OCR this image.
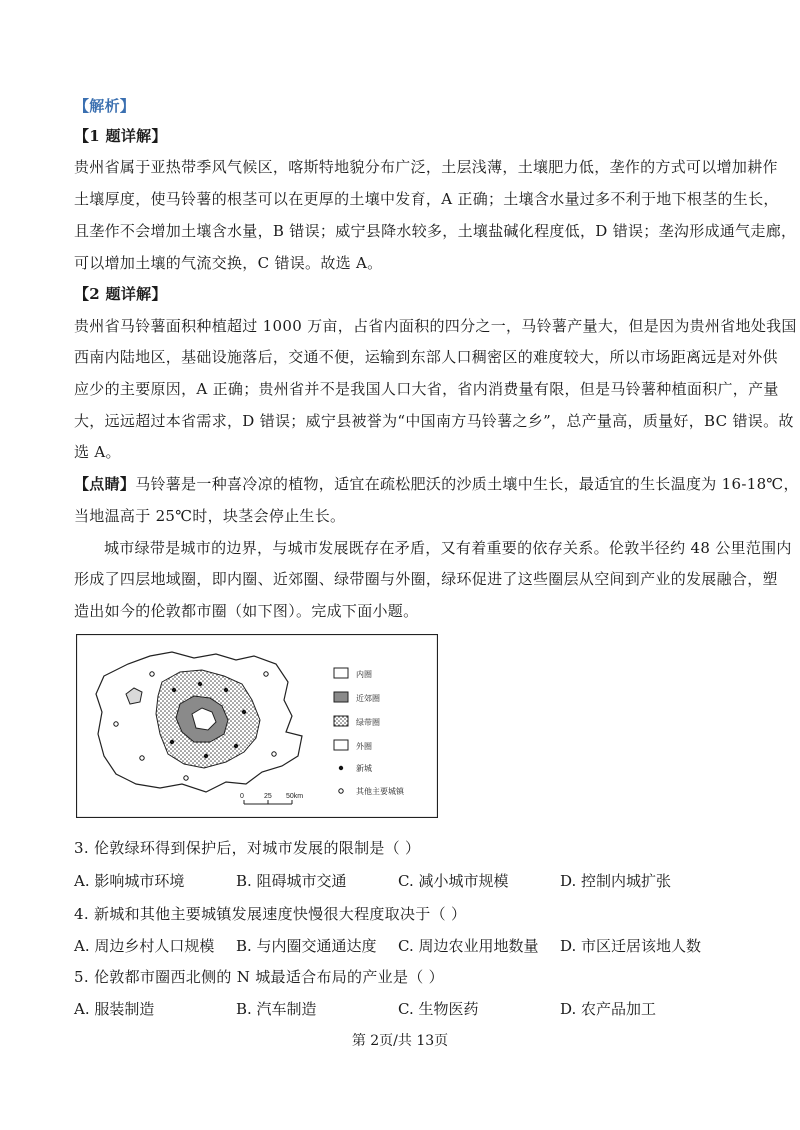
【解析】
【1 题详解】
贵州省属于亚热带季风气候区，喀斯特地貌分布广泛，土层浅薄，土壤肥力低，垄作的方式可以增加耕作
土壤厚度，使马铃薯的根茎可以在更厚的土壤中发育，A 正确；土壤含水量过多不利于地下根茎的生长，
且垄作不会增加土壤含水量，B 错误；威宁县降水较多，土壤盐碱化程度低，D 错误；垄沟形成通气走廊，
可以增加土壤的气流交换，C 错误。故选 A。
【2 题详解】
贵州省马铃薯面积种植超过 1000 万亩，占省内面积的四分之一，马铃薯产量大，但是因为贵州省地处我国
西南内陆地区，基础设施落后，交通不便，运输到东部人口稠密区的难度较大，所以市场距离远是对外供
应少的主要原因，A 正确；贵州省并不是我国人口大省，省内消费量有限，但是马铃薯种植面积广，产量
大，远远超过本省需求，D 错误；威宁县被誉为“中国南方马铃薯之乡”，总产量高，质量好，BC 错误。故
选 A。
【点睛】马铃薯是一种喜冷凉的植物，适宜在疏松肥沃的沙质土壤中生长，最适宜的生长温度为 16-18℃，
当地温高于 25℃时，块茎会停止生长。
城市绿带是城市的边界，与城市发展既存在矛盾，又有着重要的依存关系。伦敦半径约 48 公里范围内
形成了四层地域圈，即内圈、近郊圈、绿带圈与外圈，绿环促进了这些圈层从空间到产业的发展融合，塑
造出如今的伦敦都市圈（如下图）。完成下面小题。
0	25 50km
内圈
近郊圈
绿带圈
外圈
新城
其他主要城镇
3. 伦敦绿环得到保护后，对城市发展的限制是（ ）
A. 影响城市环境	B. 阻碍城市交通	C. 减小城市规模	D. 控制内城扩张
4. 新城和其他主要城镇发展速度快慢很大程度取决于（ ）
A. 周边乡村人口规模 B. 与内圈交通通达度 C. 周边农业用地数量 D. 市区迁居该地人数
5. 伦敦都市圈西北侧的 N 城最适合布局的产业是（ ）
A. 服装制造	B. 汽车制造	C. 生物医药	D. 农产品加工
第 2页/共 13页
